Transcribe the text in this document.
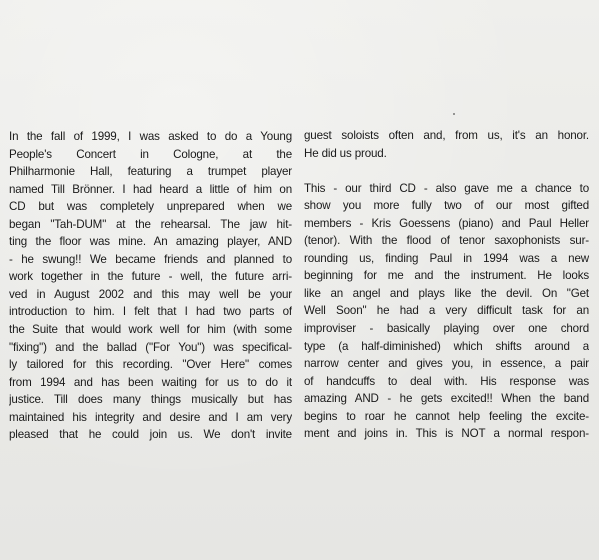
In the fall of 1999, I was asked to do a Young
People's Concert in Cologne, at the
Philharmonie Hall, featuring a trumpet player
named Till Brönner. I had heard a little of him on
CD but was completely unprepared when we
began "Tah-DUM" at the rehearsal. The jaw hit-
ting the floor was mine. An amazing player, AND
- he swung!! We became friends and planned to
work together in the future - well, the future arri-
ved in August 2002 and this may well be your
introduction to him. I felt that I had two parts of
the Suite that would work well for him (with some
"fixing") and the ballad ("For You") was specifical-
ly tailored for this recording. "Over Here" comes
from 1994 and has been waiting for us to do it
justice. Till does many things musically but has
maintained his integrity and desire and I am very
pleased that he could join us. We don't invite
guest soloists often and, from us, it's an honor.
He did us proud.
This - our third CD - also gave me a chance to
show you more fully two of our most gifted
members - Kris Goessens (piano) and Paul Heller
(tenor). With the flood of tenor saxophonists sur-
rounding us, finding Paul in 1994 was a new
beginning for me and the instrument. He looks
like an angel and plays like the devil. On "Get
Well Soon" he had a very difficult task for an
improviser - basically playing over one chord
type (a half-diminished) which shifts around a
narrow center and gives you, in essence, a pair
of handcuffs to deal with. His response was
amazing AND - he gets excited!! When the band
begins to roar he cannot help feeling the excite-
ment and joins in. This is NOT a normal respon-
